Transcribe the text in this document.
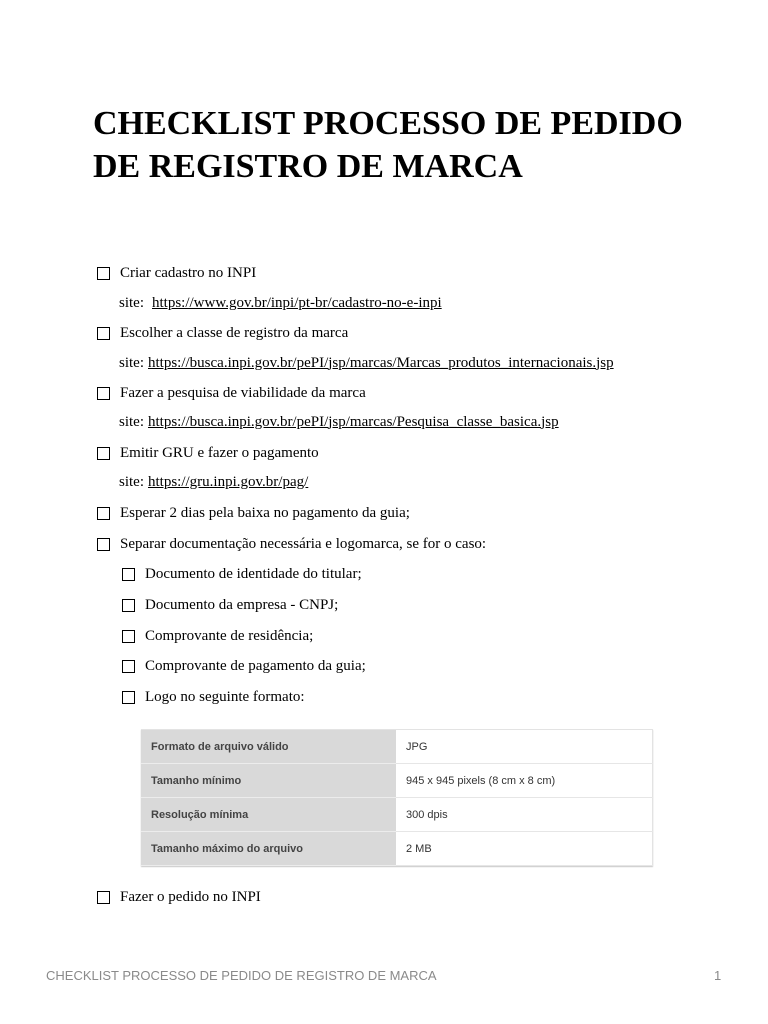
CHECKLIST PROCESSO DE PEDIDO DE REGISTRO DE MARCA
Criar cadastro no INPI
site: https://www.gov.br/inpi/pt-br/cadastro-no-e-inpi
Escolher a classe de registro da marca
site: https://busca.inpi.gov.br/pePI/jsp/marcas/Marcas_produtos_internacionais.jsp
Fazer a pesquisa de viabilidade da marca
site: https://busca.inpi.gov.br/pePI/jsp/marcas/Pesquisa_classe_basica.jsp
Emitir GRU e fazer o pagamento
site: https://gru.inpi.gov.br/pag/
Esperar 2 dias pela baixa no pagamento da guia;
Separar documentação necessária e logomarca, se for o caso:
Documento de identidade do titular;
Documento da empresa - CNPJ;
Comprovante de residência;
Comprovante de pagamento da guia;
Logo no seguinte formato:
Formato de arquivo válido	JPG
Tamanho mínimo	945 x 945 pixels (8 cm x 8 cm)
Resolução mínima	300 dpis
Tamanho máximo do arquivo	2 MB
Fazer o pedido no INPI
CHECKLIST PROCESSO DE PEDIDO DE REGISTRO DE MARCA	1
